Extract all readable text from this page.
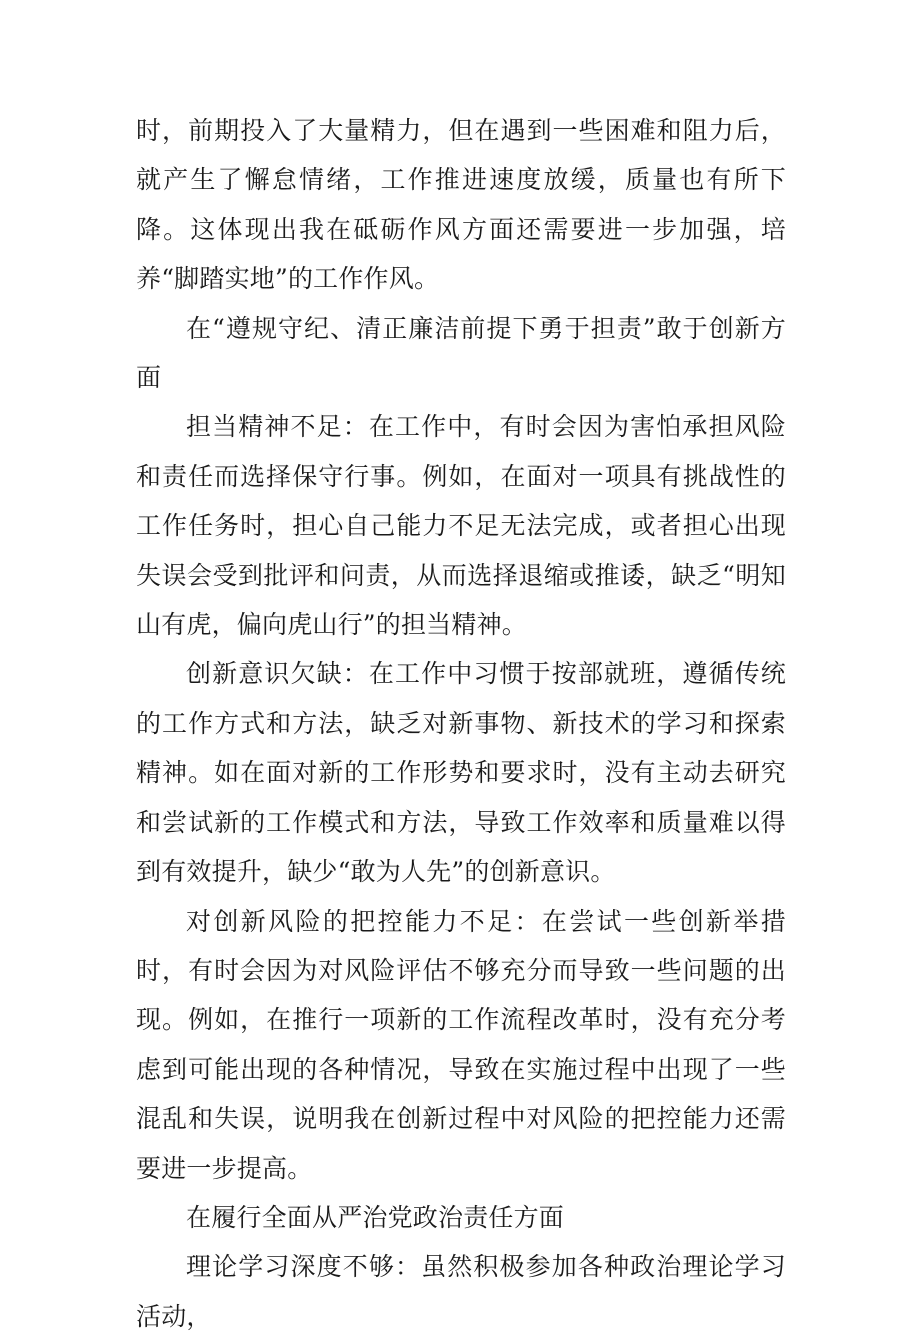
时，前期投入了大量精力，但在遇到一些困难和阻力后，就产生了懈怠情绪，工作推进速度放缓，质量也有所下降。这体现出我在砥砺作风方面还需要进一步加强，培养“脚踏实地”的工作作风。

在“遵规守纪、清正廉洁前提下勇于担责”敢于创新方面

担当精神不足：在工作中，有时会因为害怕承担风险和责任而选择保守行事。例如，在面对一项具有挑战性的工作任务时，担心自己能力不足无法完成，或者担心出现失误会受到批评和问责，从而选择退缩或推诿，缺乏“明知山有虎，偏向虎山行”的担当精神。

创新意识欠缺：在工作中习惯于按部就班，遵循传统的工作方式和方法，缺乏对新事物、新技术的学习和探索精神。如在面对新的工作形势和要求时，没有主动去研究和尝试新的工作模式和方法，导致工作效率和质量难以得到有效提升，缺少“敢为人先”的创新意识。

对创新风险的把控能力不足：在尝试一些创新举措时，有时会因为对风险评估不够充分而导致一些问题的出现。例如，在推行一项新的工作流程改革时，没有充分考虑到可能出现的各种情况，导致在实施过程中出现了一些混乱和失误，说明我在创新过程中对风险的把控能力还需要进一步提高。

在履行全面从严治党政治责任方面

理论学习深度不够：虽然积极参加各种政治理论学习活动，
